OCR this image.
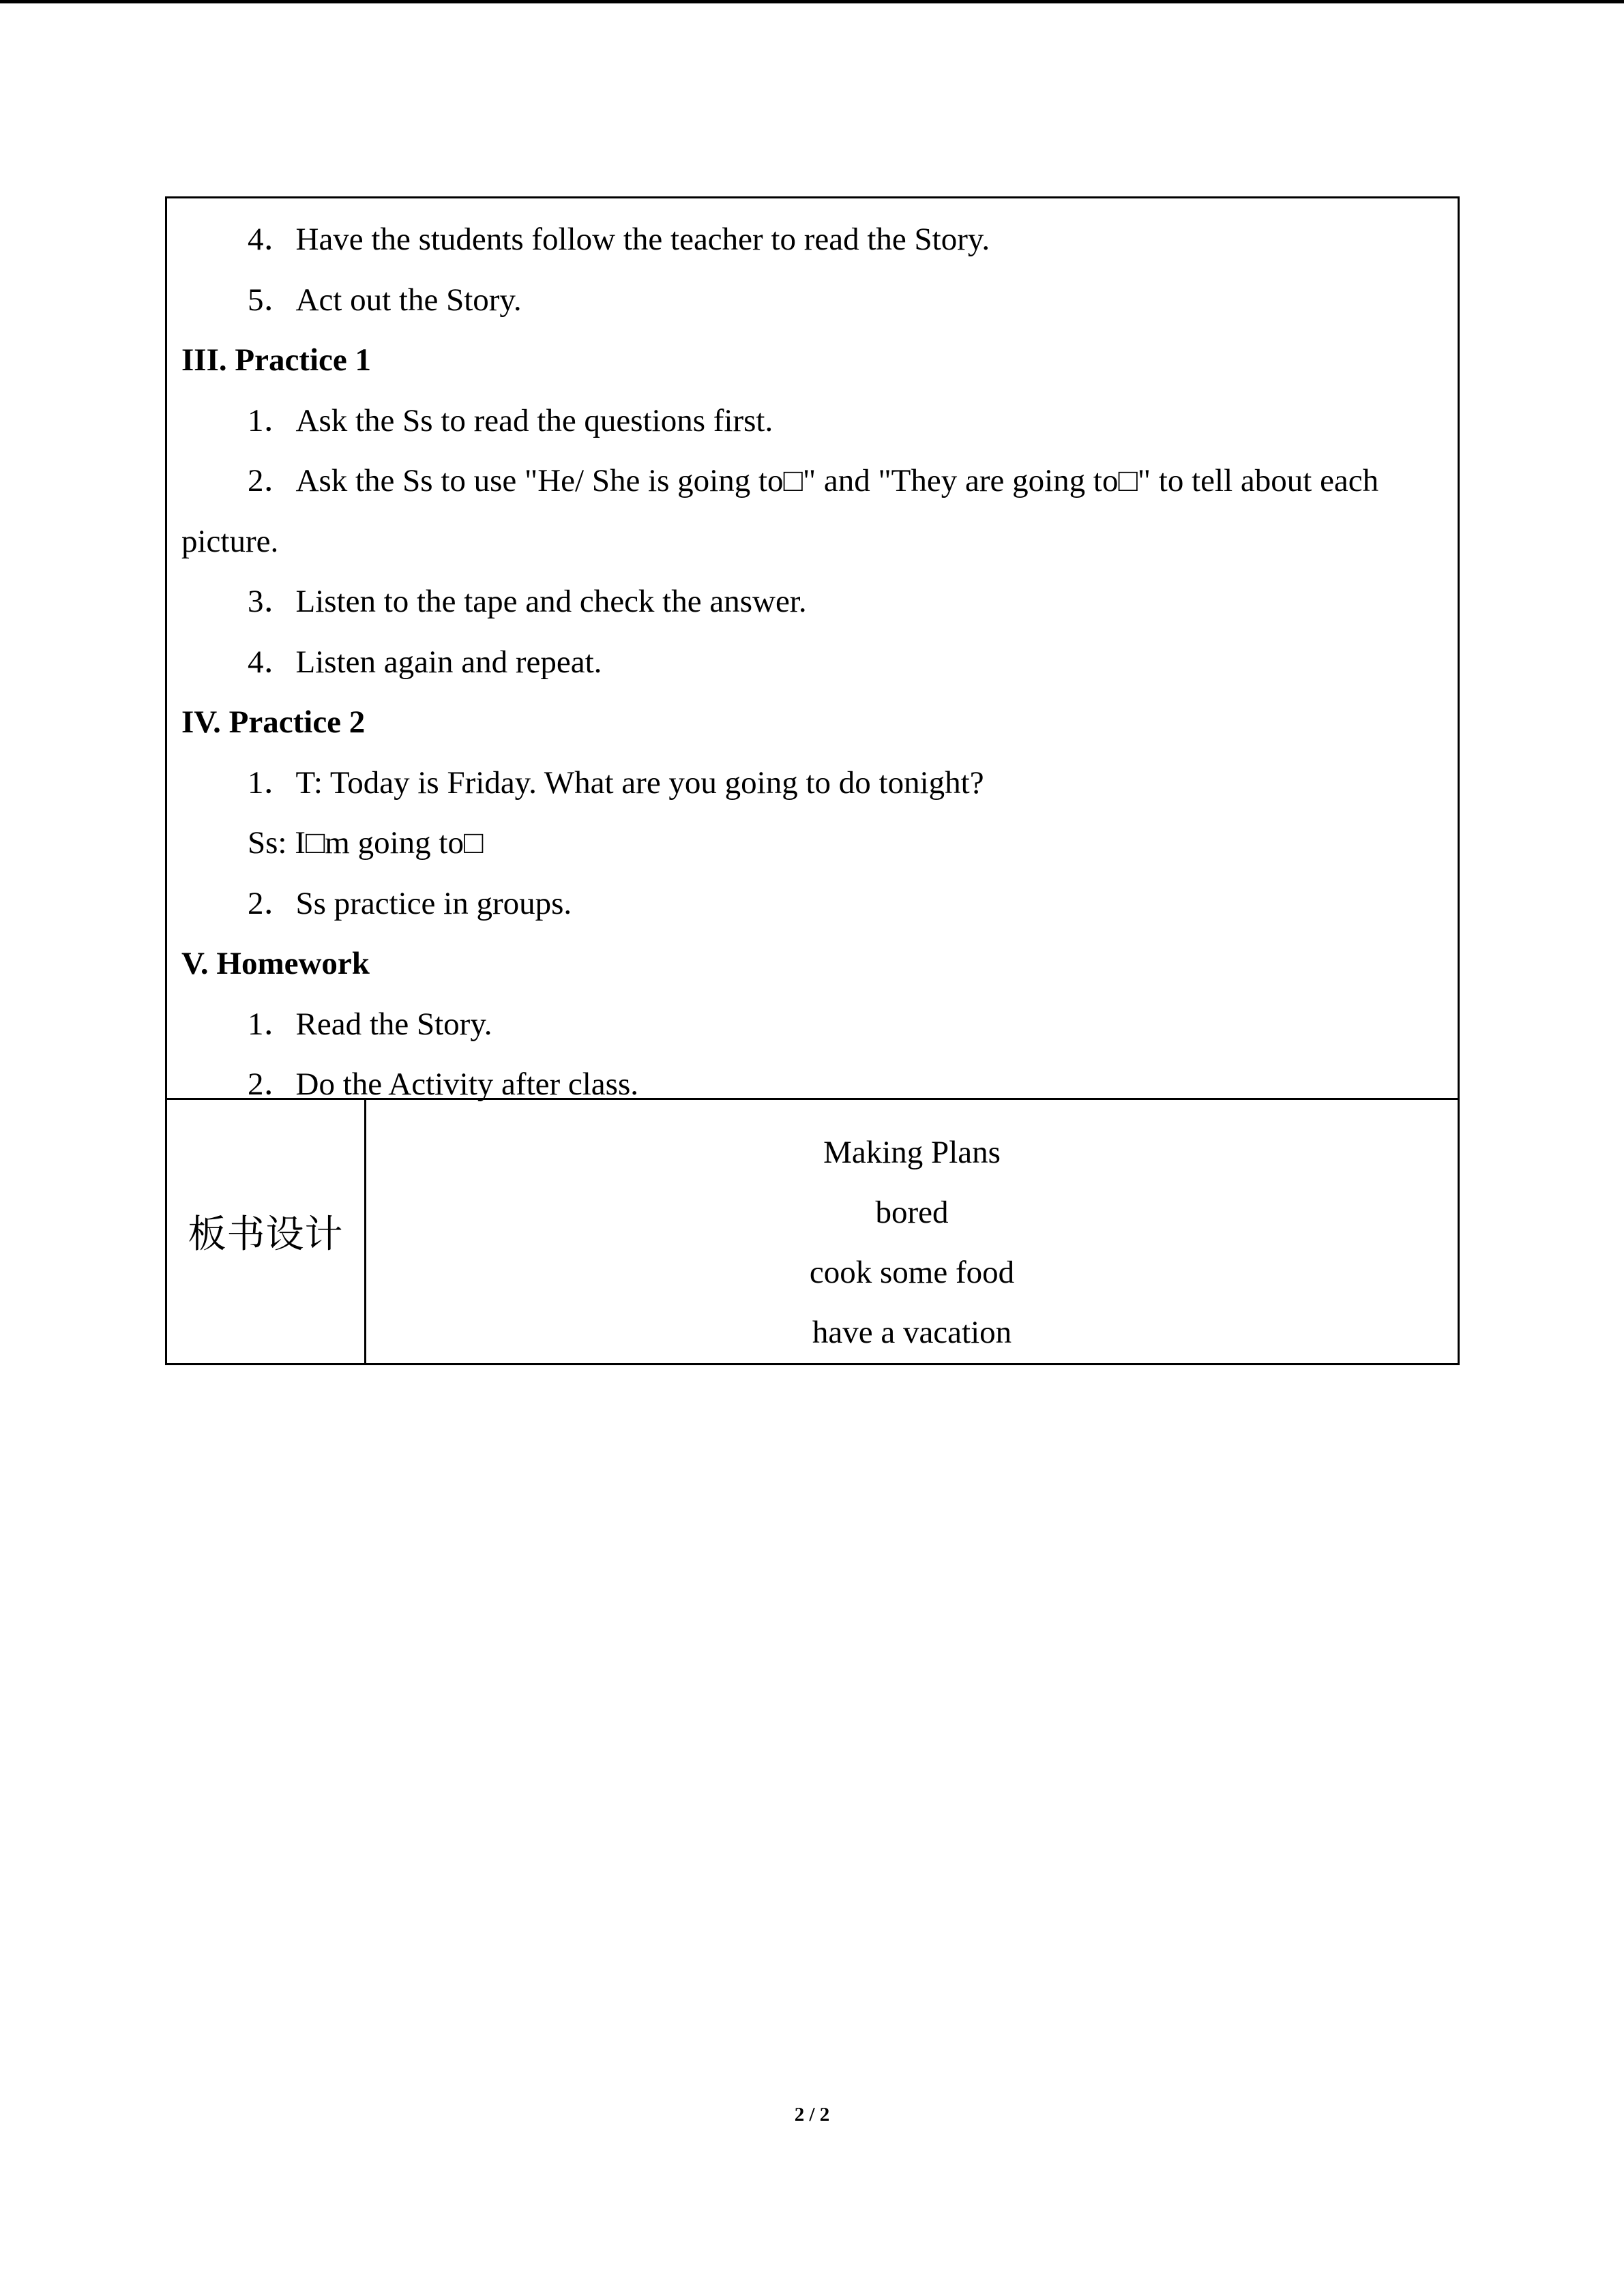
4．Have the students follow the teacher to read the Story.
5．Act out the Story.
III. Practice 1
1．Ask the Ss to read the questions first.
2．Ask the Ss to use "He/ She is going to□" and "They are going to□" to tell about each
picture.
3．Listen to the tape and check the answer.
4．Listen again and repeat.
IV. Practice 2
1．T: Today is Friday. What are you going to do tonight?
Ss: I□m going to□
2．Ss practice in groups.
V. Homework
1．Read the Story.
2．Do the Activity after class.
板书设计
Making Plans
bored
cook some food
have a vacation
2 / 2
